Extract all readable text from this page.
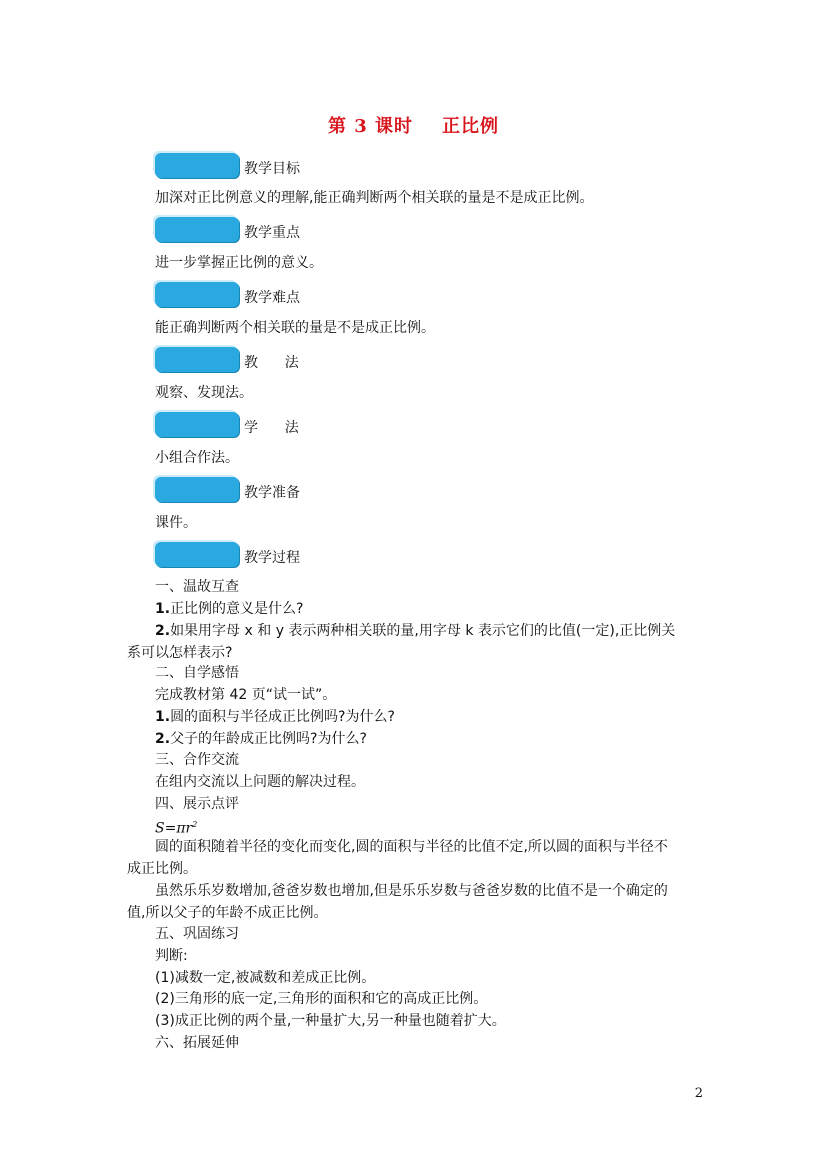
第 3 课时    正比例
教学目标
加深对正比例意义的理解,能正确判断两个相关联的量是不是成正比例。
教学重点
进一步掌握正比例的意义。
教学难点
能正确判断两个相关联的量是不是成正比例。
教      法
观察、发现法。
学      法
小组合作法。
教学准备
课件。
教学过程
一、温故互查
1.正比例的意义是什么?
2.如果用字母 x 和 y 表示两种相关联的量,用字母 k 表示它们的比值(一定),正比例关
系可以怎样表示?
二、自学感悟
完成教材第 42 页“试一试”。
1.圆的面积与半径成正比例吗?为什么?
2.父子的年龄成正比例吗?为什么?
三、合作交流
在组内交流以上问题的解决过程。
四、展示点评
$S=\pi r^2$
圆的面积随着半径的变化而变化,圆的面积与半径的比值不定,所以圆的面积与半径不
成正比例。
虽然乐乐岁数增加,爸爸岁数也增加,但是乐乐岁数与爸爸岁数的比值不是一个确定的
值,所以父子的年龄不成正比例。
五、巩固练习
判断:
(1)减数一定,被减数和差成正比例。
(2)三角形的底一定,三角形的面积和它的高成正比例。
(3)成正比例的两个量,一种量扩大,另一种量也随着扩大。
六、拓展延伸
2
